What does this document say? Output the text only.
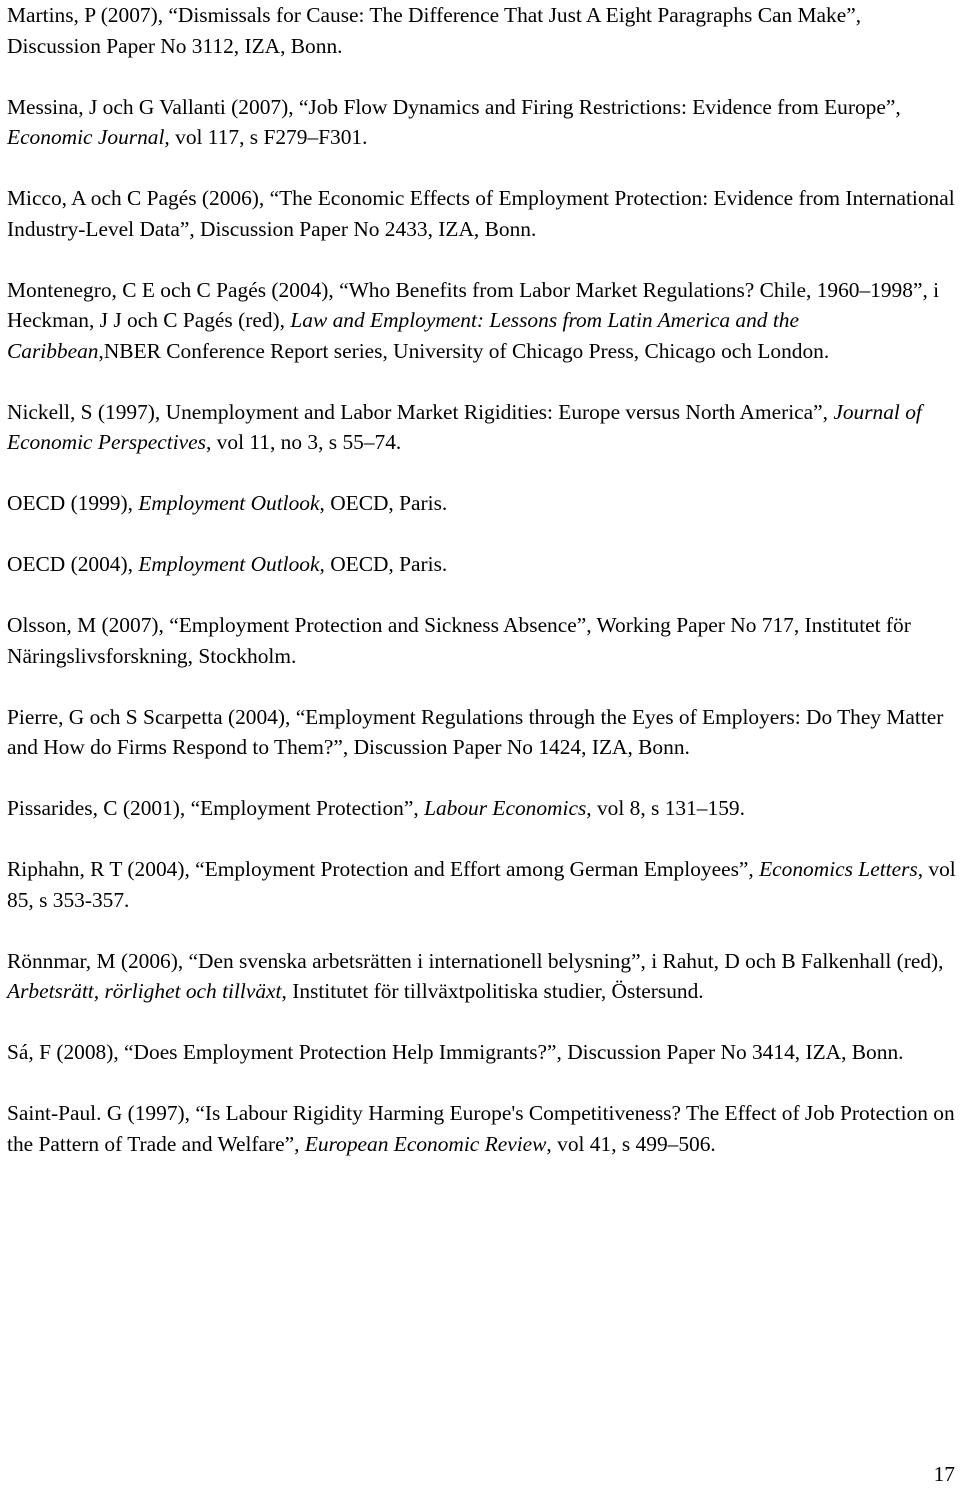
Martins, P (2007), “Dismissals for Cause: The Difference That Just A Eight Paragraphs Can Make”, Discussion Paper No 3112, IZA, Bonn.

Messina, J och G Vallanti (2007), “Job Flow Dynamics and Firing Restrictions: Evidence from Europe”, Economic Journal, vol 117, s F279–F301.

Micco, A och C Pagés (2006), “The Economic Effects of Employment Protection: Evidence from International Industry-Level Data”, Discussion Paper No 2433, IZA, Bonn.

Montenegro, C E och C Pagés (2004), “Who Benefits from Labor Market Regulations? Chile, 1960–1998”, i Heckman, J J och C Pagés (red), Law and Employment: Lessons from Latin America and the Caribbean,NBER Conference Report series, University of Chicago Press, Chicago och London.

Nickell, S (1997), Unemployment and Labor Market Rigidities: Europe versus North America”, Journal of Economic Perspectives, vol 11, no 3, s 55–74.

OECD (1999), Employment Outlook, OECD, Paris.

OECD (2004), Employment Outlook, OECD, Paris.

Olsson, M (2007), “Employment Protection and Sickness Absence”, Working Paper No 717, Institutet för Näringslivsforskning, Stockholm.

Pierre, G och S Scarpetta (2004), “Employment Regulations through the Eyes of Employers: Do They Matter and How do Firms Respond to Them?”, Discussion Paper No 1424, IZA, Bonn.

Pissarides, C (2001), “Employment Protection”, Labour Economics, vol 8, s 131–159.

Riphahn, R T (2004), “Employment Protection and Effort among German Employees”, Economics Letters, vol 85, s 353-357.

Rönnmar, M (2006), “Den svenska arbetsrätten i internationell belysning”, i Rahut, D och B Falkenhall (red), Arbetsrätt, rörlighet och tillväxt, Institutet för tillväxtpolitiska studier, Östersund.

Sá, F (2008), “Does Employment Protection Help Immigrants?”, Discussion Paper No 3414, IZA, Bonn.

Saint-Paul. G (1997), “Is Labour Rigidity Harming Europe's Competitiveness? The Effect of Job Protection on the Pattern of Trade and Welfare”, European Economic Review, vol 41, s 499–506.

17
